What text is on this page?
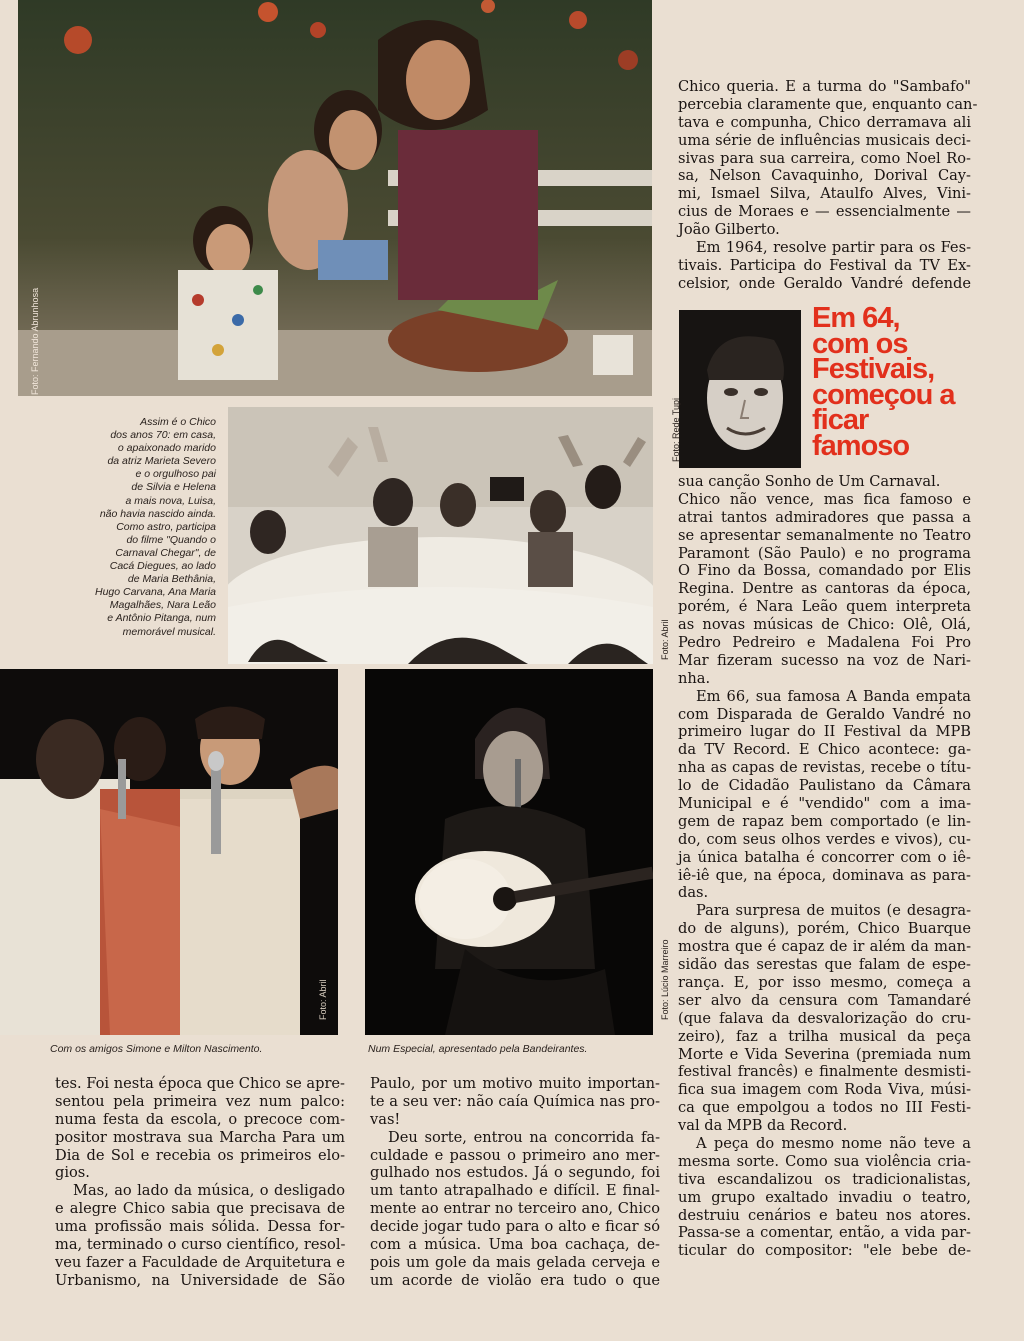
Foto: Fernando Abrunhosa
Foto: Abril
Foto: Rede Tupi
Foto: Abril	Foto: Lúcio Marreiro
Assim é o Chico
dos anos 70: em casa,
o apaixonado marido
da atriz Marieta Severo
e o orgulhoso pai
de Silvia e Helena
a mais nova, Luisa,
não havia nascido ainda.
Como astro, participa
do filme "Quando o
Carnaval Chegar", de
Cacá Diegues, ao lado
de Maria Bethânia,
Hugo Carvana, Ana Maria
Magalhães, Nara Leão
e Antônio Pitanga, num
memorável musical.
Com os amigos Simone e Milton Nascimento.	Num Especial, apresentado pela Bandeirantes.
Em 64,
com os
Festivais,
começou a
ficar
famoso
Chico queria. E a turma do "Sambafo"
percebia claramente que, enquanto can-
tava e compunha, Chico derramava ali
uma série de influências musicais deci-
sivas para sua carreira, como Noel Ro-
sa, Nelson Cavaquinho, Dorival Cay-
mi, Ismael Silva, Ataulfo Alves, Vini-
cius de Moraes e — essencialmente —
João Gilberto.
Em 1964, resolve partir para os Fes-
tivais. Participa do Festival da TV Ex-
celsior, onde Geraldo Vandré defende
sua canção Sonho de Um Carnaval.
Chico não vence, mas fica famoso e
atrai tantos admiradores que passa a
se apresentar semanalmente no Teatro
Paramont (São Paulo) e no programa
O Fino da Bossa, comandado por Elis
Regina. Dentre as cantoras da época,
porém, é Nara Leão quem interpreta
as novas músicas de Chico: Olê, Olá,
Pedro Pedreiro e Madalena Foi Pro
Mar fizeram sucesso na voz de Nari-
nha.
Em 66, sua famosa A Banda empata
com Disparada de Geraldo Vandré no
primeiro lugar do II Festival da MPB
da TV Record. E Chico acontece: ga-
nha as capas de revistas, recebe o títu-
lo de Cidadão Paulistano da Câmara
Municipal e é "vendido" com a ima-
gem de rapaz bem comportado (e lin-
do, com seus olhos verdes e vivos), cu-
ja única batalha é concorrer com o iê-
iê-iê que, na época, dominava as para-
das.
Para surpresa de muitos (e desagra-
do de alguns), porém, Chico Buarque
mostra que é capaz de ir além da man-
sidão das serestas que falam de espe-
rança. E, por isso mesmo, começa a
ser alvo da censura com Tamandaré
(que falava da desvalorização do cru-
zeiro), faz a trilha musical da peça
Morte e Vida Severina (premiada num
festival francês) e finalmente desmisti-
fica sua imagem com Roda Viva, músi-
ca que empolgou a todos no III Festi-
val da MPB da Record.
A peça do mesmo nome não teve a
mesma sorte. Como sua violência cria-
tiva escandalizou os tradicionalistas,
um grupo exaltado invadiu o teatro,
destruiu cenários e bateu nos atores.
Passa-se a comentar, então, a vida par-
ticular do compositor: "ele bebe de-
tes. Foi nesta época que Chico se apre-
sentou pela primeira vez num palco:
numa festa da escola, o precoce com-
positor mostrava sua Marcha Para um
Dia de Sol e recebia os primeiros elo-
gios.
Mas, ao lado da música, o desligado
e alegre Chico sabia que precisava de
uma profissão mais sólida. Dessa for-
ma, terminado o curso científico, resol-
veu fazer a Faculdade de Arquitetura e
Urbanismo, na Universidade de São
Paulo, por um motivo muito importan-
te a seu ver: não caía Química nas pro-
vas!
Deu sorte, entrou na concorrida fa-
culdade e passou o primeiro ano mer-
gulhado nos estudos. Já o segundo, foi
um tanto atrapalhado e difícil. E final-
mente ao entrar no terceiro ano, Chico
decide jogar tudo para o alto e ficar só
com a música. Uma boa cachaça, de-
pois um gole da mais gelada cerveja e
um acorde de violão era tudo o que
